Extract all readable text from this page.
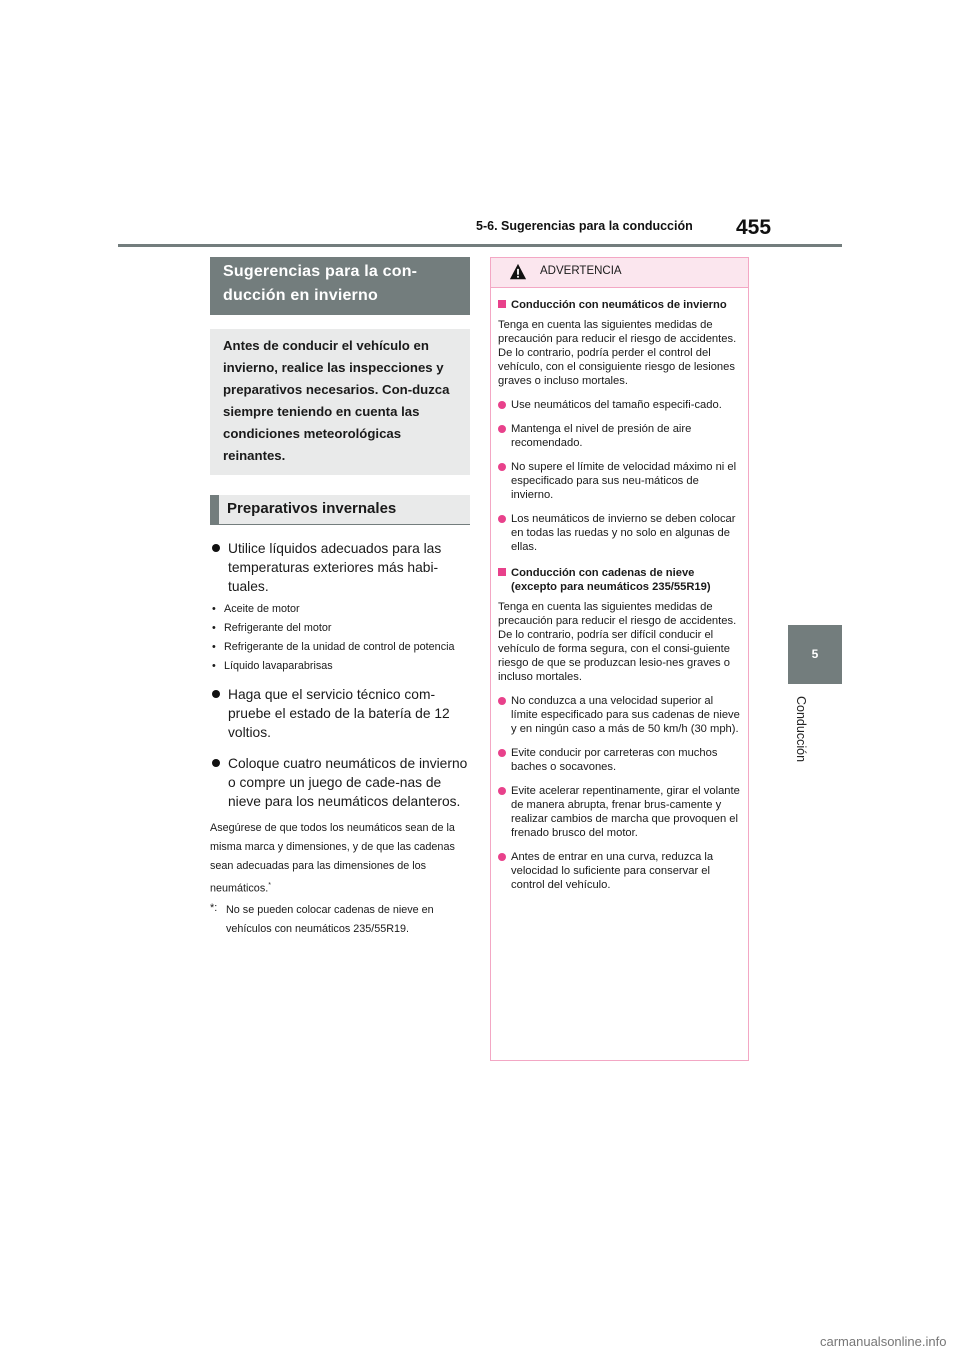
5-6. Sugerencias para la conducción 455
5
Conducción
Sugerencias para la con-
ducción en invierno
Antes de conducir el vehículo en invierno, realice las inspecciones y preparativos necesarios. Con-duzca siempre teniendo en cuenta las condiciones meteorológicas reinantes.
Preparativos invernales
Utilice líquidos adecuados para las temperaturas exteriores más habi-tuales.
• Aceite de motor
• Refrigerante del motor
• Refrigerante de la unidad de control de potencia
• Líquido lavaparabrisas
Haga que el servicio técnico com-pruebe el estado de la batería de 12 voltios.
Coloque cuatro neumáticos de invierno o compre un juego de cade-nas de nieve para los neumáticos delanteros.
Asegúrese de que todos los neumáticos sean de la misma marca y dimensiones, y de que las cadenas sean adecuadas para las dimensiones de los neumáticos.*
*: No se pueden colocar cadenas de nieve en vehículos con neumáticos 235/55R19.
ADVERTENCIA
Conducción con neumáticos de invierno
Tenga en cuenta las siguientes medidas de precaución para reducir el riesgo de accidentes.
De lo contrario, podría perder el control del vehículo, con el consiguiente riesgo de lesiones graves o incluso mortales.
Use neumáticos del tamaño especifi-cado.
Mantenga el nivel de presión de aire recomendado.
No supere el límite de velocidad máximo ni el especificado para sus neu-máticos de invierno.
Los neumáticos de invierno se deben colocar en todas las ruedas y no solo en algunas de ellas.
Conducción con cadenas de nieve (excepto para neumáticos 235/55R19)
Tenga en cuenta las siguientes medidas de precaución para reducir el riesgo de accidentes.
De lo contrario, podría ser difícil conducir el vehículo de forma segura, con el consi-guiente riesgo de que se produzcan lesio-nes graves o incluso mortales.
No conduzca a una velocidad superior al límite especificado para sus cadenas de nieve y en ningún caso a más de 50 km/h (30 mph).
Evite conducir por carreteras con muchos baches o socavones.
Evite acelerar repentinamente, girar el volante de manera abrupta, frenar brus-camente y realizar cambios de marcha que provoquen el frenado brusco del motor.
Antes de entrar en una curva, reduzca la velocidad lo suficiente para conservar el control del vehículo.
carmanualsonline.info
